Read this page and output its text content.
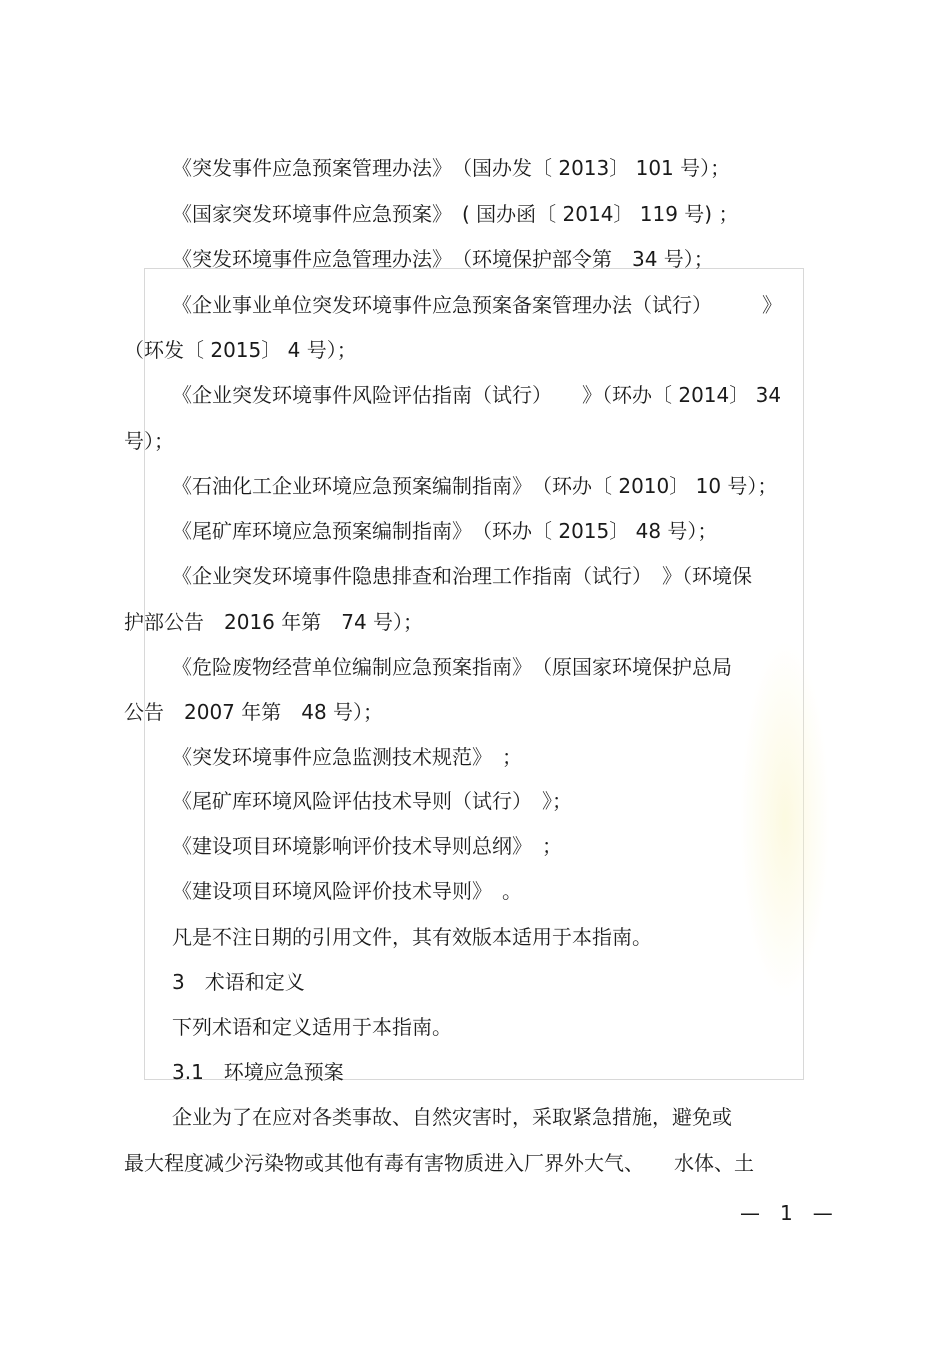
《突发事件应急预案管理办法》　（国办发〔 2013〕 101 号）；
《国家突发环境事件应急预案》　( 国办函〔 2014〕 119 号) ；
《突发环境事件应急管理办法》　（环境保护部令第　34 号）；
《企业事业单位突发环境事件应急预案备案管理办法（试行）　　　》
（环发〔 2015〕 4 号）；
《企业突发环境事件风险评估指南（试行）　　》（环办〔 2014〕 34
号）；
《石油化工企业环境应急预案编制指南》　（环办〔 2010〕 10 号）；
《尾矿库环境应急预案编制指南》　（环办〔 2015〕 48 号）；
《企业突发环境事件隐患排查和治理工作指南（试行）　》（环境保
护部公告　2016 年第　74 号）；
《危险废物经营单位编制应急预案指南》　（原国家环境保护总局
公告　2007 年第　48 号）；
《突发环境事件应急监测技术规范》　；
《尾矿库环境风险评估技术导则（试行）　》；
《建设项目环境影响评价技术导则总纲》　；
《建设项目环境风险评价技术导则》　。
凡是不注日期的引用文件，其有效版本适用于本指南。
3　术语和定义
下列术语和定义适用于本指南。
3.1　环境应急预案
企业为了在应对各类事故、自然灾害时，采取紧急措施，避免或
最大程度减少污染物或其他有毒有害物质进入厂界外大气、　　水体、土
—　1　—
